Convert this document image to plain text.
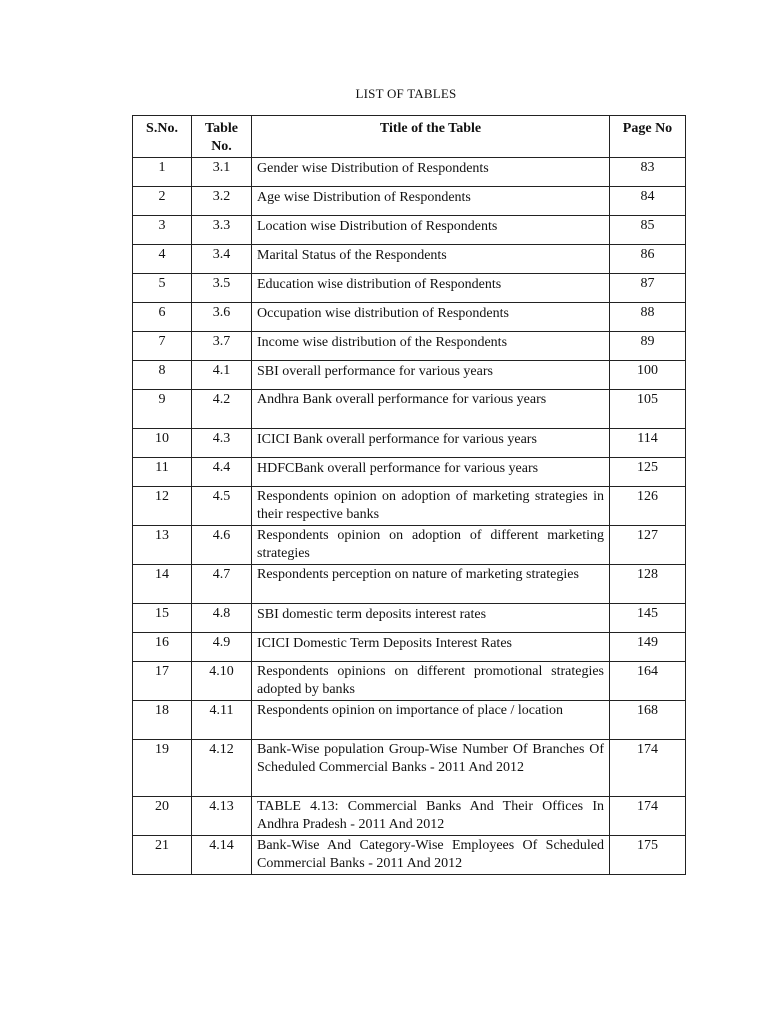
LIST OF TABLES
S.No.	Table No.	Title of the Table	Page No
1	3.1	Gender wise Distribution of Respondents	83
2	3.2	Age wise Distribution of Respondents	84
3	3.3	Location wise Distribution of Respondents	85
4	3.4	Marital Status of the Respondents	86
5	3.5	Education wise distribution of Respondents	87
6	3.6	Occupation wise distribution of Respondents	88
7	3.7	Income wise distribution of the Respondents	89
8	4.1	SBI overall performance for various years	100
9	4.2	Andhra Bank overall performance for various years	105
10	4.3	ICICI Bank overall performance for various years	114
11	4.4	HDFCBank overall performance for various years	125
12	4.5	Respondents opinion on adoption of marketing strategies in their respective banks	126
13	4.6	Respondents opinion on adoption of different marketing strategies	127
14	4.7	Respondents perception on nature of marketing strategies	128
15	4.8	SBI domestic term deposits interest rates	145
16	4.9	ICICI Domestic Term Deposits Interest Rates	149
17	4.10	Respondents opinions on different promotional strategies adopted by banks	164
18	4.11	Respondents opinion on importance of place / location	168
19	4.12	Bank-Wise population Group-Wise Number Of Branches Of Scheduled Commercial Banks - 2011 And 2012	174
20	4.13	TABLE 4.13: Commercial Banks And Their Offices In Andhra Pradesh - 2011 And 2012	174
21	4.14	Bank-Wise And Category-Wise Employees Of Scheduled Commercial Banks - 2011 And 2012	175
